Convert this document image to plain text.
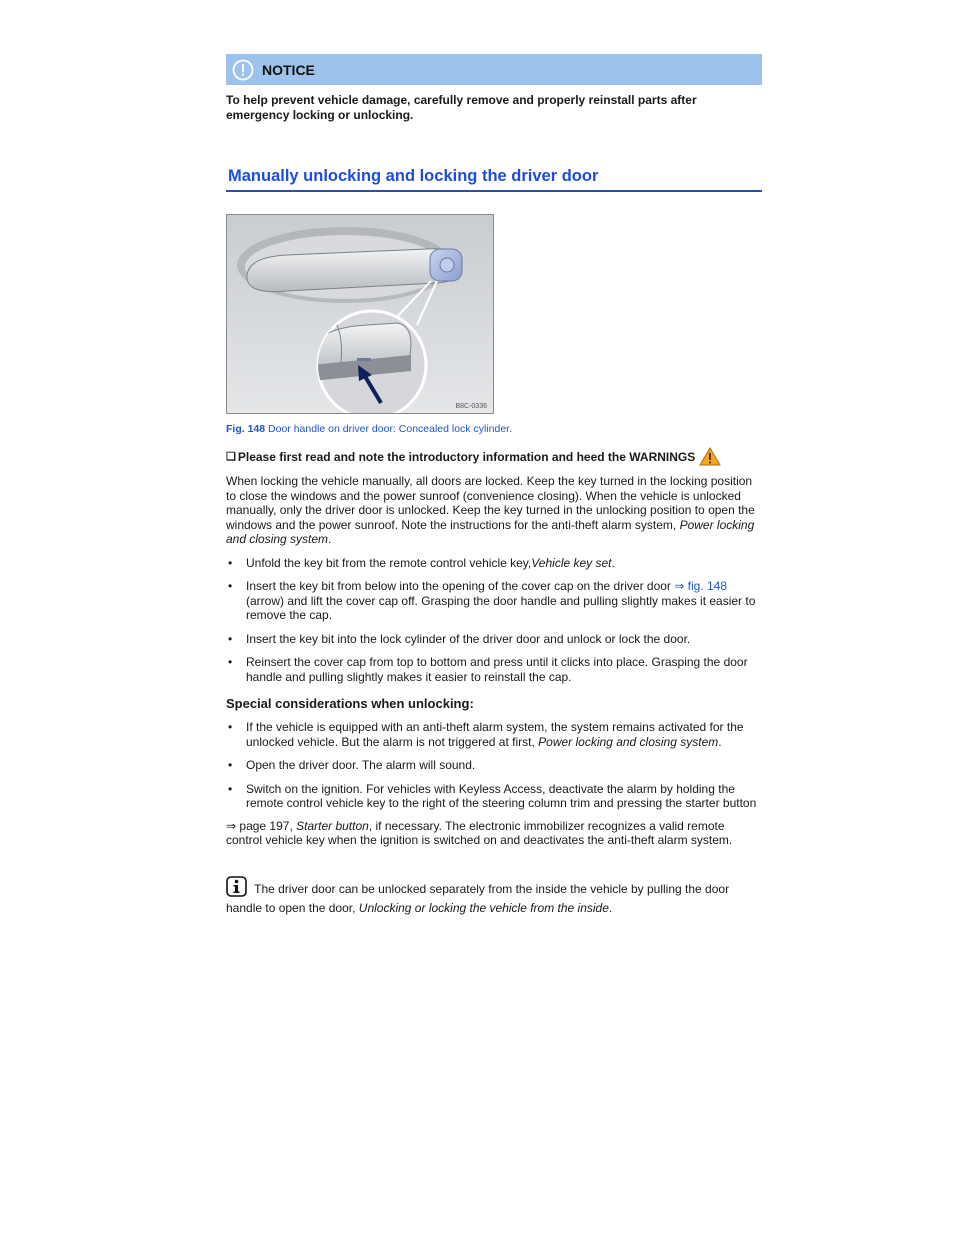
NOTICE

To help prevent vehicle damage, carefully remove and properly reinstall parts after emergency locking or unlocking.

Manually unlocking and locking the driver door
B8C-0336

Fig. 148 Door handle on driver door: Concealed lock cylinder.

❑ Please first read and note the introductory information and heed the WARNINGS

When locking the vehicle manually, all doors are locked. Keep the key turned in the locking position to close the windows and the power sunroof (convenience closing). When the vehicle is unlocked manually, only the driver door is unlocked. Keep the key turned in the unlocking position to open the windows and the power sunroof. Note the instructions for the anti-theft alarm system, Power locking and closing system.

•	Unfold the key bit from the remote control vehicle key,Vehicle key set.
•	Insert the key bit from below into the opening of the cover cap on the driver door ⇒ fig. 148 (arrow) and lift the cover cap off. Grasping the door handle and pulling slightly makes it easier to remove the cap.
•	Insert the key bit into the lock cylinder of the driver door and unlock or lock the door.
•	Reinsert the cover cap from top to bottom and press until it clicks into place. Grasping the door handle and pulling slightly makes it easier to reinstall the cap.
Special considerations when unlocking:
•	If the vehicle is equipped with an anti-theft alarm system, the system remains activated for the unlocked vehicle. But the alarm is not triggered at first, Power locking and closing system.
•	Open the driver door. The alarm will sound.
•	Switch on the ignition. For vehicles with Keyless Access, deactivate the alarm by holding the remote control vehicle key to the right of the steering column trim and pressing the starter button

⇒ page 197, Starter button, if necessary. The electronic immobilizer recognizes a valid remote control vehicle key when the ignition is switched on and deactivates the anti-theft alarm system.

The driver door can be unlocked separately from the inside the vehicle by pulling the door handle to open the door, Unlocking or locking the vehicle from the inside.
